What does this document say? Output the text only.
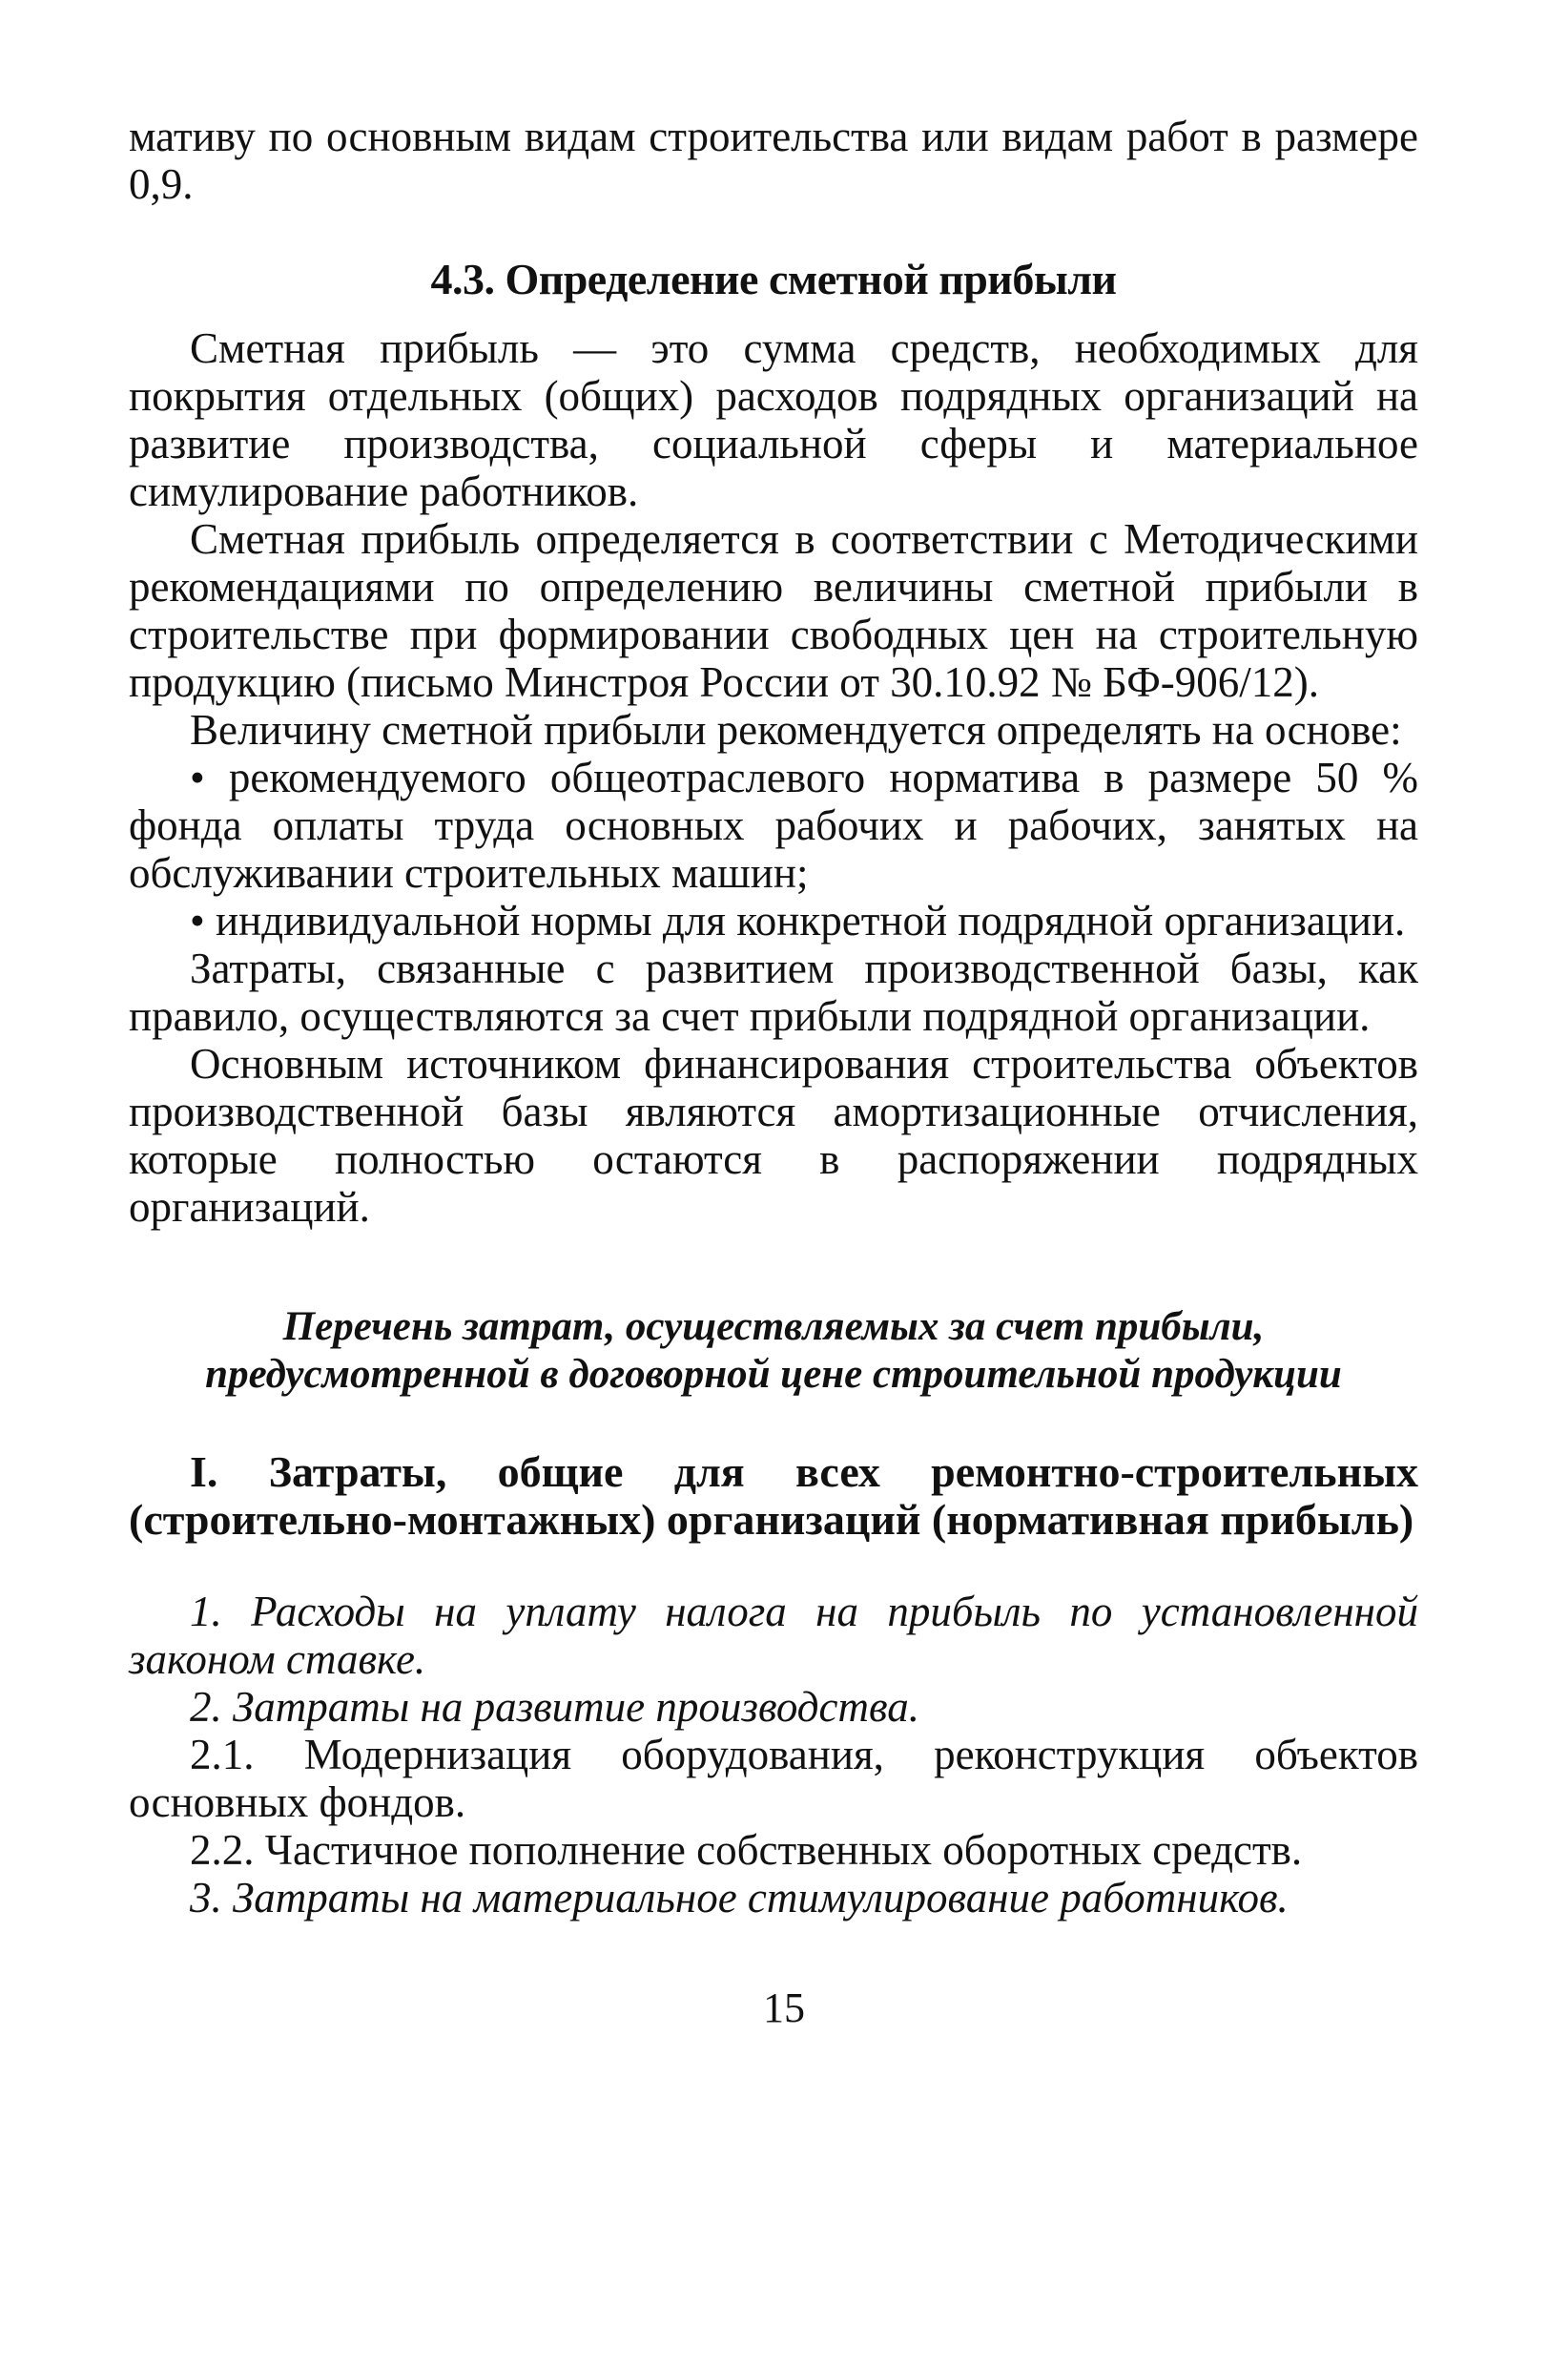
мативу по основным видам строительства или видам работ в размере 0,9.

4.3. Определение сметной прибыли

Сметная прибыль — это сумма средств, необходимых для покрытия отдельных (общих) расходов подрядных организаций на развитие производства, социальной сферы и материальное симулирование работников.

Сметная прибыль определяется в соответствии с Методическими рекомендациями по определению величины сметной прибыли в строительстве при формировании свободных цен на строительную продукцию (письмо Минстроя России от 30.10.92 № БФ-906/12).

Величину сметной прибыли рекомендуется определять на основе:

• рекомендуемого общеотраслевого норматива в размере 50 % фонда оплаты труда основных рабочих и рабочих, занятых на обслуживании строительных машин;

• индивидуальной нормы для конкретной подрядной организации.

Затраты, связанные с развитием производственной базы, как правило, осуществляются за счет прибыли подрядной организации.

Основным источником финансирования строительства объектов производственной базы являются амортизационные отчисления, которые полностью остаются в распоряжении подрядных организаций.

Перечень затрат, осуществляемых за счет прибыли,
предусмотренной в договорной цене строительной продукции
I. Затраты, общие для всех ремонтно-строительных (строительно-монтажных) организаций (нормативная прибыль)

1. Расходы на уплату налога на прибыль по установленной законом ставке.

2. Затраты на развитие производства.

2.1. Модернизация оборудования, реконструкция объектов основных фондов.

2.2. Частичное пополнение собственных оборотных средств.

3. Затраты на материальное стимулирование работников.

15
